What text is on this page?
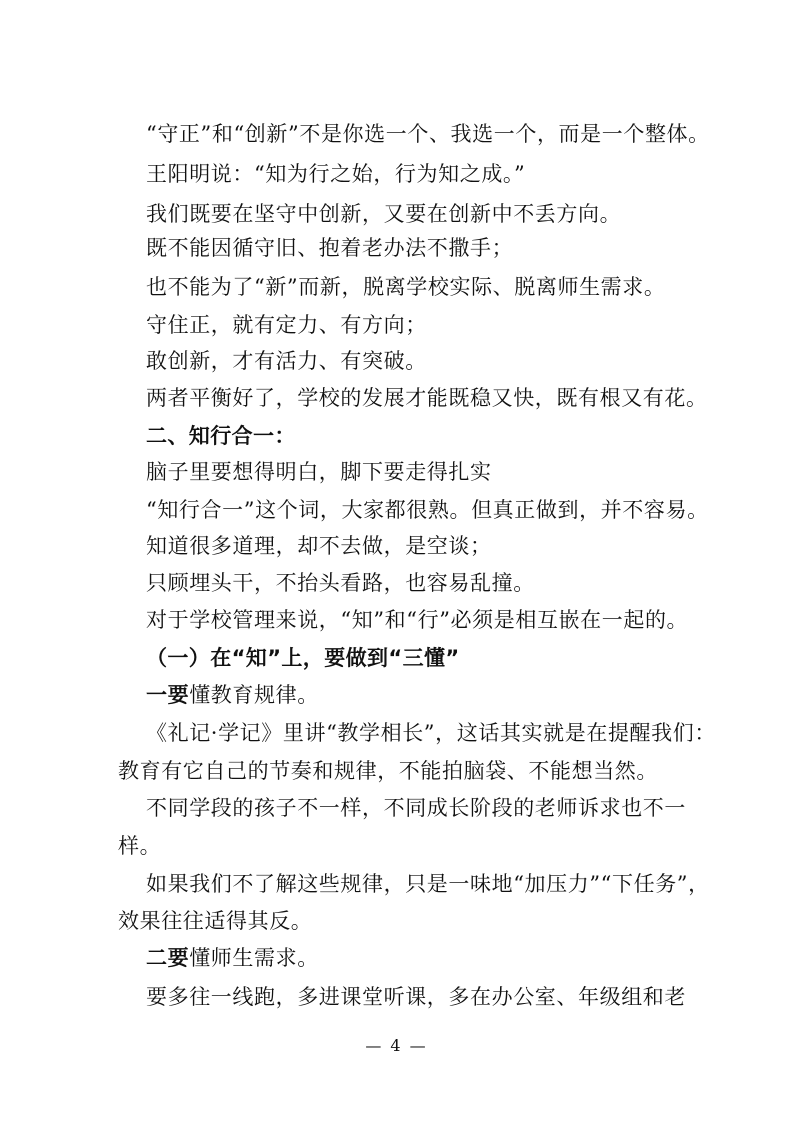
“守正”和“创新”不是你选一个、我选一个，而是一个整体。
王阳明说：“知为行之始，行为知之成。”
我们既要在坚守中创新，又要在创新中不丢方向。
既不能因循守旧、抱着老办法不撒手；
也不能为了“新”而新，脱离学校实际、脱离师生需求。
守住正，就有定力、有方向；
敢创新，才有活力、有突破。
两者平衡好了，学校的发展才能既稳又快，既有根又有花。
二、知行合一：
脑子里要想得明白，脚下要走得扎实
“知行合一”这个词，大家都很熟。但真正做到，并不容易。
知道很多道理，却不去做，是空谈；
只顾埋头干，不抬头看路，也容易乱撞。
对于学校管理来说，“知”和“行”必须是相互嵌在一起的。
（一）在“知”上，要做到“三懂”
一要懂教育规律。
《礼记·学记》里讲“教学相长”，这话其实就是在提醒我们：
教育有它自己的节奏和规律，不能拍脑袋、不能想当然。
不同学段的孩子不一样，不同成长阶段的老师诉求也不一
样。
如果我们不了解这些规律，只是一味地“加压力”“下任务”，
效果往往适得其反。
二要懂师生需求。
要多往一线跑，多进课堂听课，多在办公室、年级组和老
— 4 —
